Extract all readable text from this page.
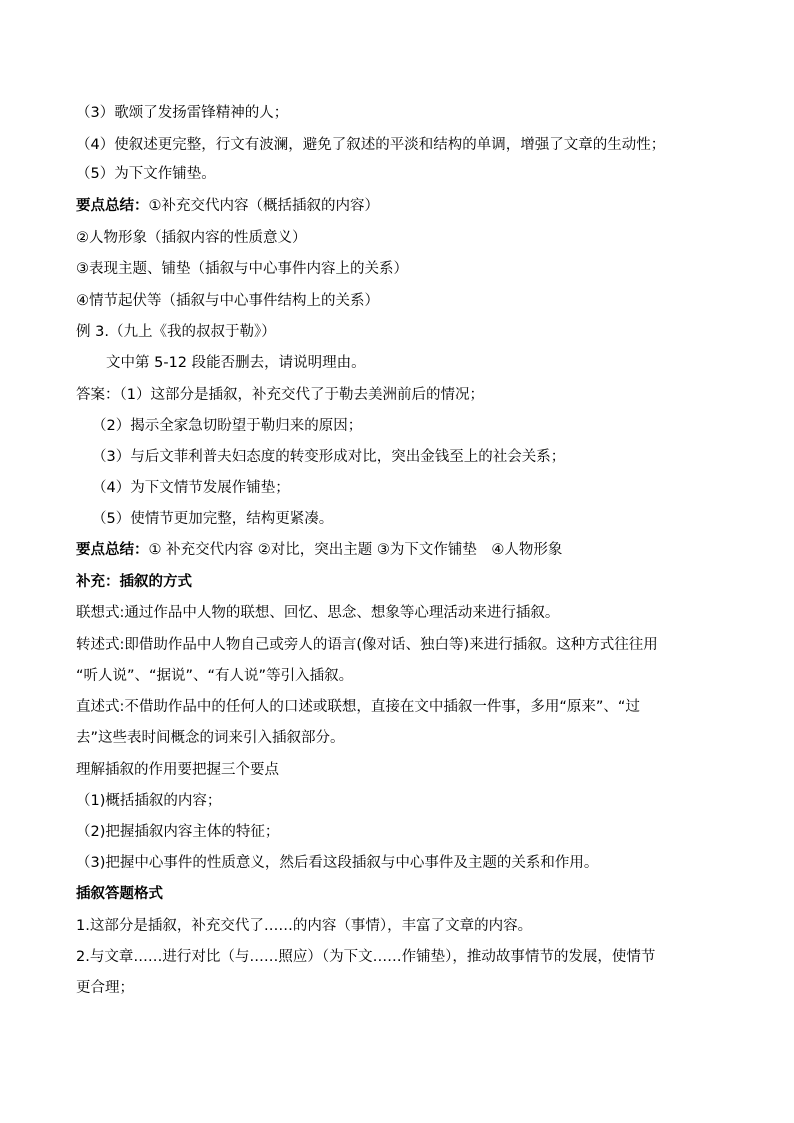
（3）歌颂了发扬雷锋精神的人；
（4）使叙述更完整，行文有波澜，避免了叙述的平淡和结构的单调，增强了文章的生动性；
（5）为下文作铺垫。
要点总结：①补充交代内容（概括插叙的内容）
②人物形象（插叙内容的性质意义）
③表现主题、铺垫（插叙与中心事件内容上的关系）
④情节起伏等（插叙与中心事件结构上的关系）
例 3.（九上《我的叔叔于勒》）
文中第 5-12 段能否删去，请说明理由。
答案：（1）这部分是插叙，补充交代了于勒去美洲前后的情况；
（2）揭示全家急切盼望于勒归来的原因；
（3）与后文菲利普夫妇态度的转变形成对比，突出金钱至上的社会关系；
（4）为下文情节发展作铺垫；
（5）使情节更加完整，结构更紧凑。
要点总结：① 补充交代内容 ②对比，突出主题 ③为下文作铺垫　④人物形象
补充：插叙的方式
联想式:通过作品中人物的联想、回忆、思念、想象等心理活动来进行插叙。
转述式:即借助作品中人物自己或旁人的语言(像对话、独白等)来进行插叙。这种方式往往用
“听人说”、“据说”、“有人说”等引入插叙。
直述式:不借助作品中的任何人的口述或联想，直接在文中插叙一件事，多用“原来”、“过
去”这些表时间概念的词来引入插叙部分。
理解插叙的作用要把握三个要点
（1)概括插叙的内容；
（2)把握插叙内容主体的特征；
（3)把握中心事件的性质意义，然后看这段插叙与中心事件及主题的关系和作用。
插叙答题格式
1.这部分是插叙，补充交代了……的内容（事情），丰富了文章的内容。
2.与文章……进行对比（与……照应）（为下文……作铺垫），推动故事情节的发展，使情节
更合理；
